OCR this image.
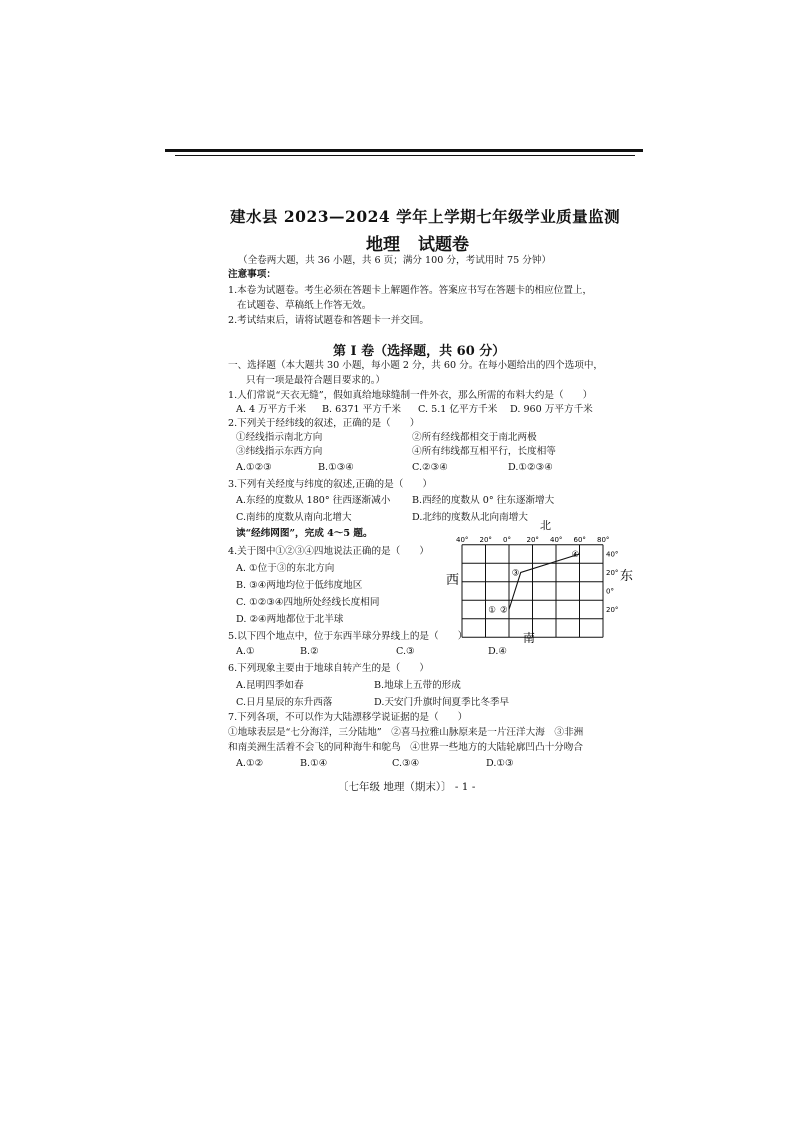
建水县 2023—2024 学年上学期七年级学业质量监测
地理 试题卷
（全卷两大题，共 36 小题，共 6 页；满分 100 分，考试用时 75 分钟）
注意事项：
1.本卷为试题卷。考生必须在答题卡上解题作答。答案应书写在答题卡的相应位置上，
在试题卷、草稿纸上作答无效。
2.考试结束后，请将试题卷和答题卡一并交回。
第 I 卷（选择题，共 60 分）
一、选择题（本大题共 30 小题，每小题 2 分，共 60 分。在每小题给出的四个选项中，
只有一项是最符合题目要求的。）
1.人们常说“天衣无缝”，假如真给地球缝制一件外衣，那么所需的布料大约是（　　）
A. 4 万平方千米 B. 6371 平方千米 C. 5.1 亿平方千米 D. 960 万平方千米
2.下列关于经纬线的叙述，正确的是（　　）
①经线指示南北方向	②所有经线都相交于南北两极
③纬线指示东西方向	④所有纬线都互相平行，长度相等
A.①②③	B.①③④	C.②③④	D.①②③④
3.下列有关经度与纬度的叙述,正确的是（　　）
A.东经的度数从 180° 往西逐渐减小 B.西经的度数从 0° 往东逐渐增大
C.南纬的度数从南向北增大	D.北纬的度数从北向南增大
读“经纬网图”，完成 4～5 题。
4.关于图中①②③④四地说法正确的是（　　）
A. ①位于③的东北方向
B. ③④两地均位于低纬度地区
C. ①②③④四地所处经线长度相同
D. ②④两地都位于北半球
5.以下四个地点中，位于东西半球分界线上的是（　　）
A.①	B.②	C.③	D.④
6.下列现象主要由于地球自转产生的是（　　）
A.昆明四季如春	B.地球上五带的形成
C.日月星辰的东升西落	D.天安门升旗时间夏季比冬季早
7.下列各项，不可以作为大陆漂移学说证据的是（　　）
①地球表层是“七分海洋，三分陆地”　②喜马拉雅山脉原来是一片汪洋大海　③非洲
和南美洲生活着不会飞的同种海牛和鸵鸟　④世界一些地方的大陆轮廓凹凸十分吻合
A.①②	B.①④	C.③④	D.①③
〔七年级 地理（期末）〕 - 1 -
40° 20° 0° 20° 40° 60° 80°
40°
20°
0°
20°
① ②
③
④
北
南
西	东
